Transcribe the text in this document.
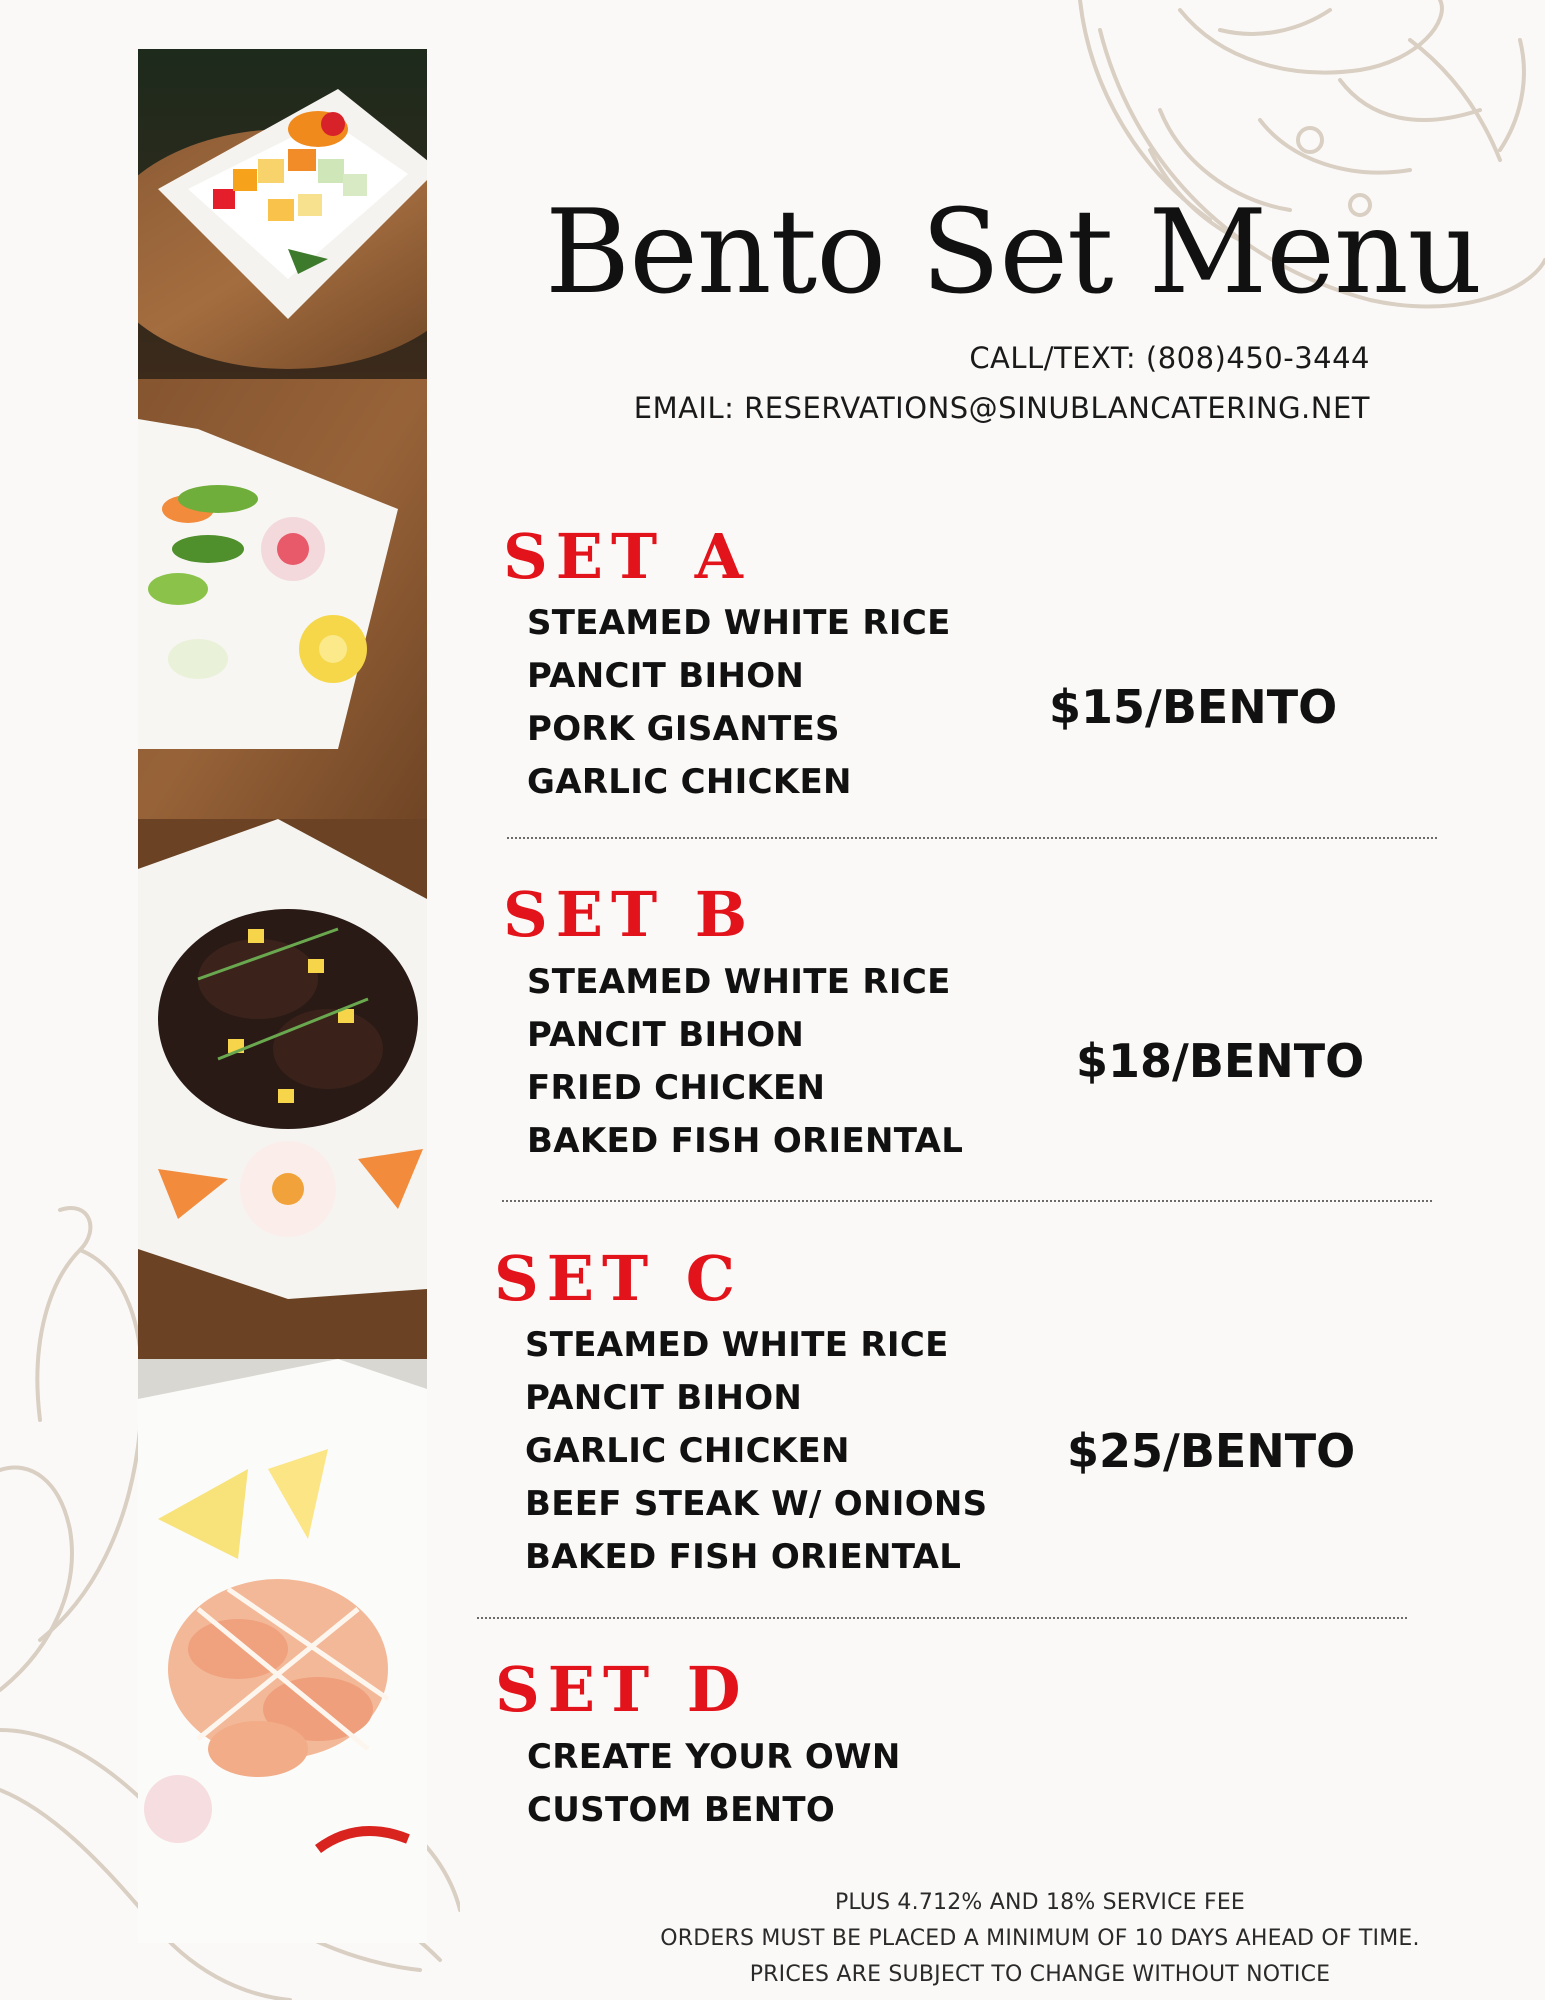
Bento Set Menu
CALL/TEXT: (808)450-3444
EMAIL: RESERVATIONS@SINUBLANCATERING.NET
SET A
STEAMED WHITE RICE
PANCIT BIHON
PORK GISANTES
GARLIC CHICKEN
$15/BENTO
SET B
STEAMED WHITE RICE
PANCIT BIHON
FRIED CHICKEN
BAKED FISH ORIENTAL
$18/BENTO
SET C
STEAMED WHITE RICE
PANCIT BIHON
GARLIC CHICKEN
BEEF STEAK W/ ONIONS
BAKED FISH ORIENTAL
$25/BENTO
SET D
CREATE YOUR OWN
CUSTOM BENTO
PLUS 4.712% AND 18% SERVICE FEE
ORDERS MUST BE PLACED A MINIMUM OF 10 DAYS AHEAD OF TIME.
PRICES ARE SUBJECT TO CHANGE WITHOUT NOTICE
